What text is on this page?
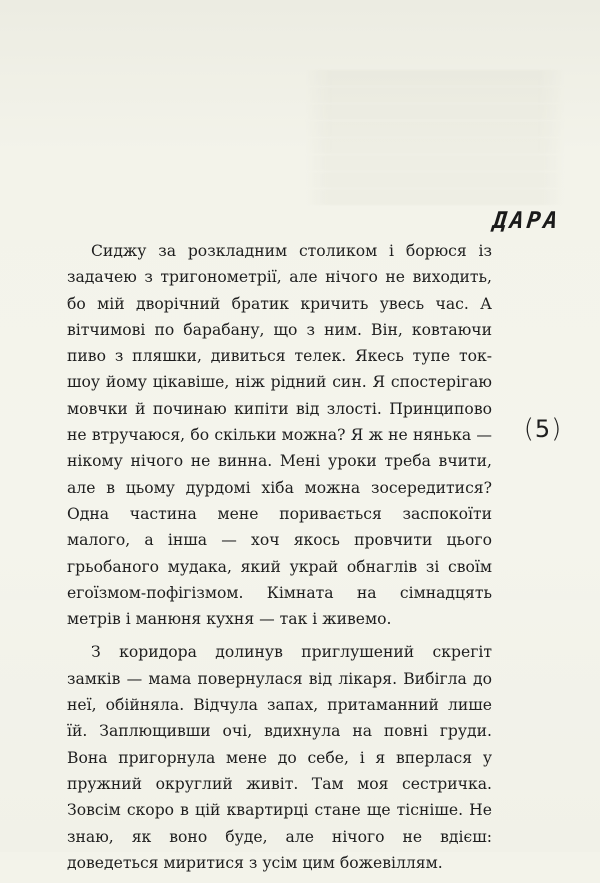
ДАРА

Сиджу за розкладним столиком і борюся із задачею з тригонометрії, але нічого не виходить, бо мій дворічний братик кричить увесь час. А вітчимові по барабану, що з ним. Він, ковтаючи пиво з пляшки, дивиться телек. Якесь тупе ток-шоу йому цікавіше, ніж рідний син. Я спостерігаю мовчки й починаю кипіти від злості. Принципово не втручаюся, бо скільки можна? Я ж не нянька — нікому нічого не винна. Мені уроки треба вчити, але в цьому дурдомі хіба можна зосередитися? Одна частина мене поривається заспокоїти малого, а інша — хоч якось провчити цього грьобаного мудака, який украй обнаглів зі своїм егоїзмом-пофігізмом. Кімната на сімнадцять метрів і манюня кухня — так і живемо.

З коридора долинув приглушений скрегіт замків — мама повернулася від лікаря. Вибігла до неї, обійняла. Відчула запах, притаманний лише їй. Заплющивши очі, вдихнула на повні груди. Вона пригорнула мене до себе, і я вперлася у пружний округлий живіт. Там моя сестричка. Зовсім скоро в цій квартирці стане ще тісніше. Не знаю, як воно буде, але нічого не вдієш: доведеться миритися з усім цим божевіллям.

( 5 )
